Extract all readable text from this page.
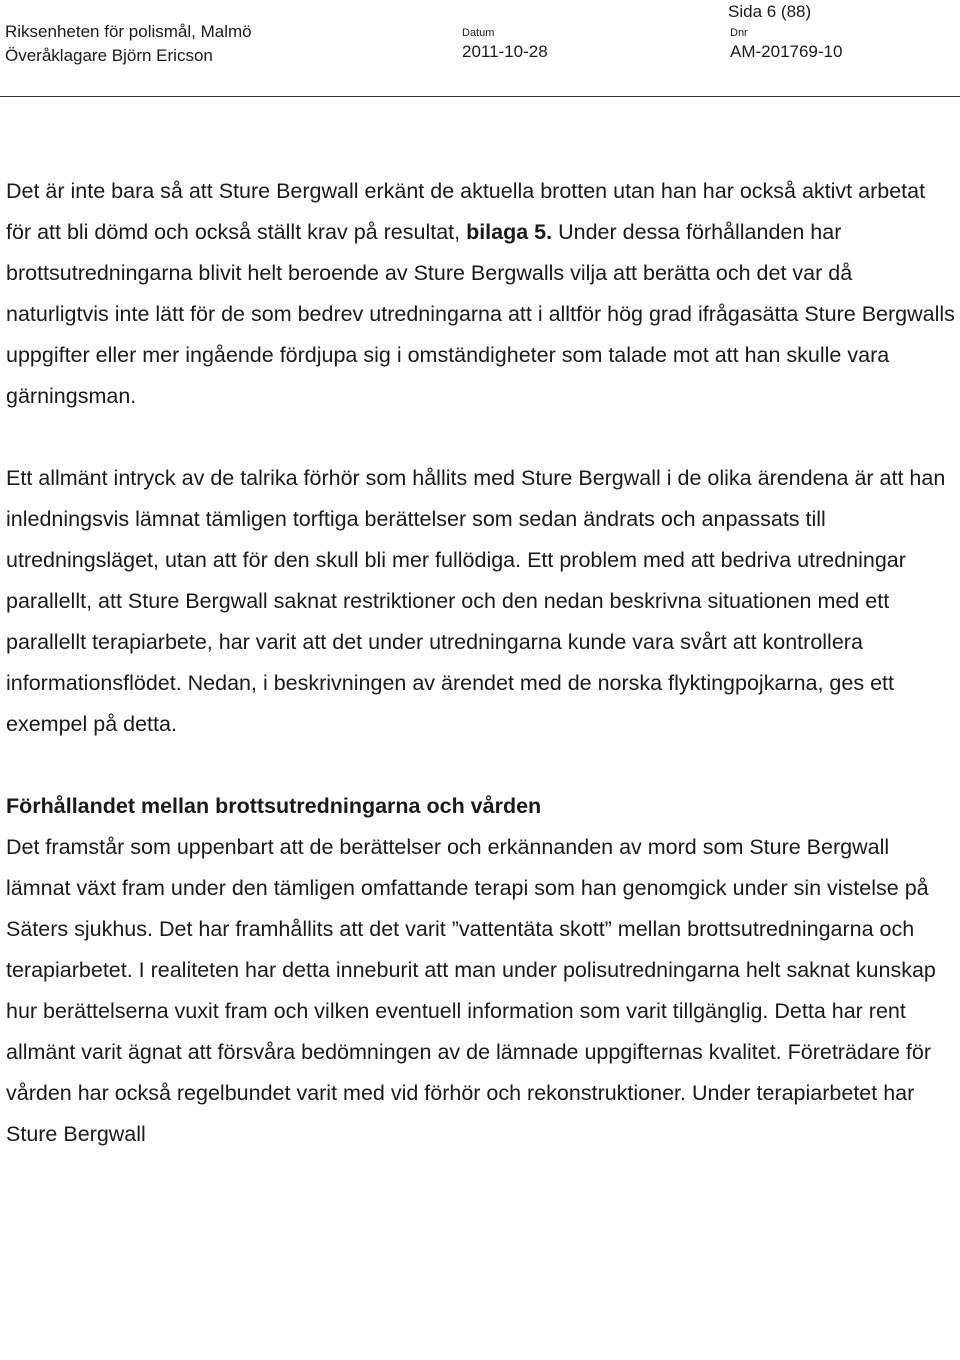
Sida 6 (88)
Riksenheten för polismål, Malmö
Överåklagare Björn Ericson
Datum
2011-10-28
Dnr
AM-201769-10

Det är inte bara så att Sture Bergwall erkänt de aktuella brotten utan han har också aktivt arbetat för att bli dömd och också ställt krav på resultat, bilaga 5. Under dessa förhållanden har brottsutredningarna blivit helt beroende av Sture Bergwalls vilja att berätta och det var då naturligtvis inte lätt för de som bedrev utredningarna att i alltför hög grad ifrågasätta Sture Bergwalls uppgifter eller mer ingående fördjupa sig i omständigheter som talade mot att han skulle vara gärningsman.

Ett allmänt intryck av de talrika förhör som hållits med Sture Bergwall i de olika ärendena är att han inledningsvis lämnat tämligen torftiga berättelser som sedan ändrats och anpassats till utredningsläget, utan att för den skull bli mer fullödiga. Ett problem med att bedriva utredningar parallellt, att Sture Bergwall saknat restriktioner och den nedan beskrivna situationen med ett parallellt terapiarbete, har varit att det under utredningarna kunde vara svårt att kontrollera informationsflödet. Nedan, i beskrivningen av ärendet med de norska flyktingpojkarna, ges ett exempel på detta.

Förhållandet mellan brottsutredningarna och vården

Det framstår som uppenbart att de berättelser och erkännanden av mord som Sture Bergwall lämnat växt fram under den tämligen omfattande terapi som han genomgick under sin vistelse på Säters sjukhus. Det har framhållits att det varit ”vattentäta skott” mellan brottsutredningarna och terapiarbetet. I realiteten har detta inneburit att man under polisutredningarna helt saknat kunskap hur berättelserna vuxit fram och vilken eventuell information som varit tillgänglig. Detta har rent allmänt varit ägnat att försvåra bedömningen av de lämnade uppgifternas kvalitet. Företrädare för vården har också regelbundet varit med vid förhör och rekonstruktioner. Under terapiarbetet har Sture Bergwall
